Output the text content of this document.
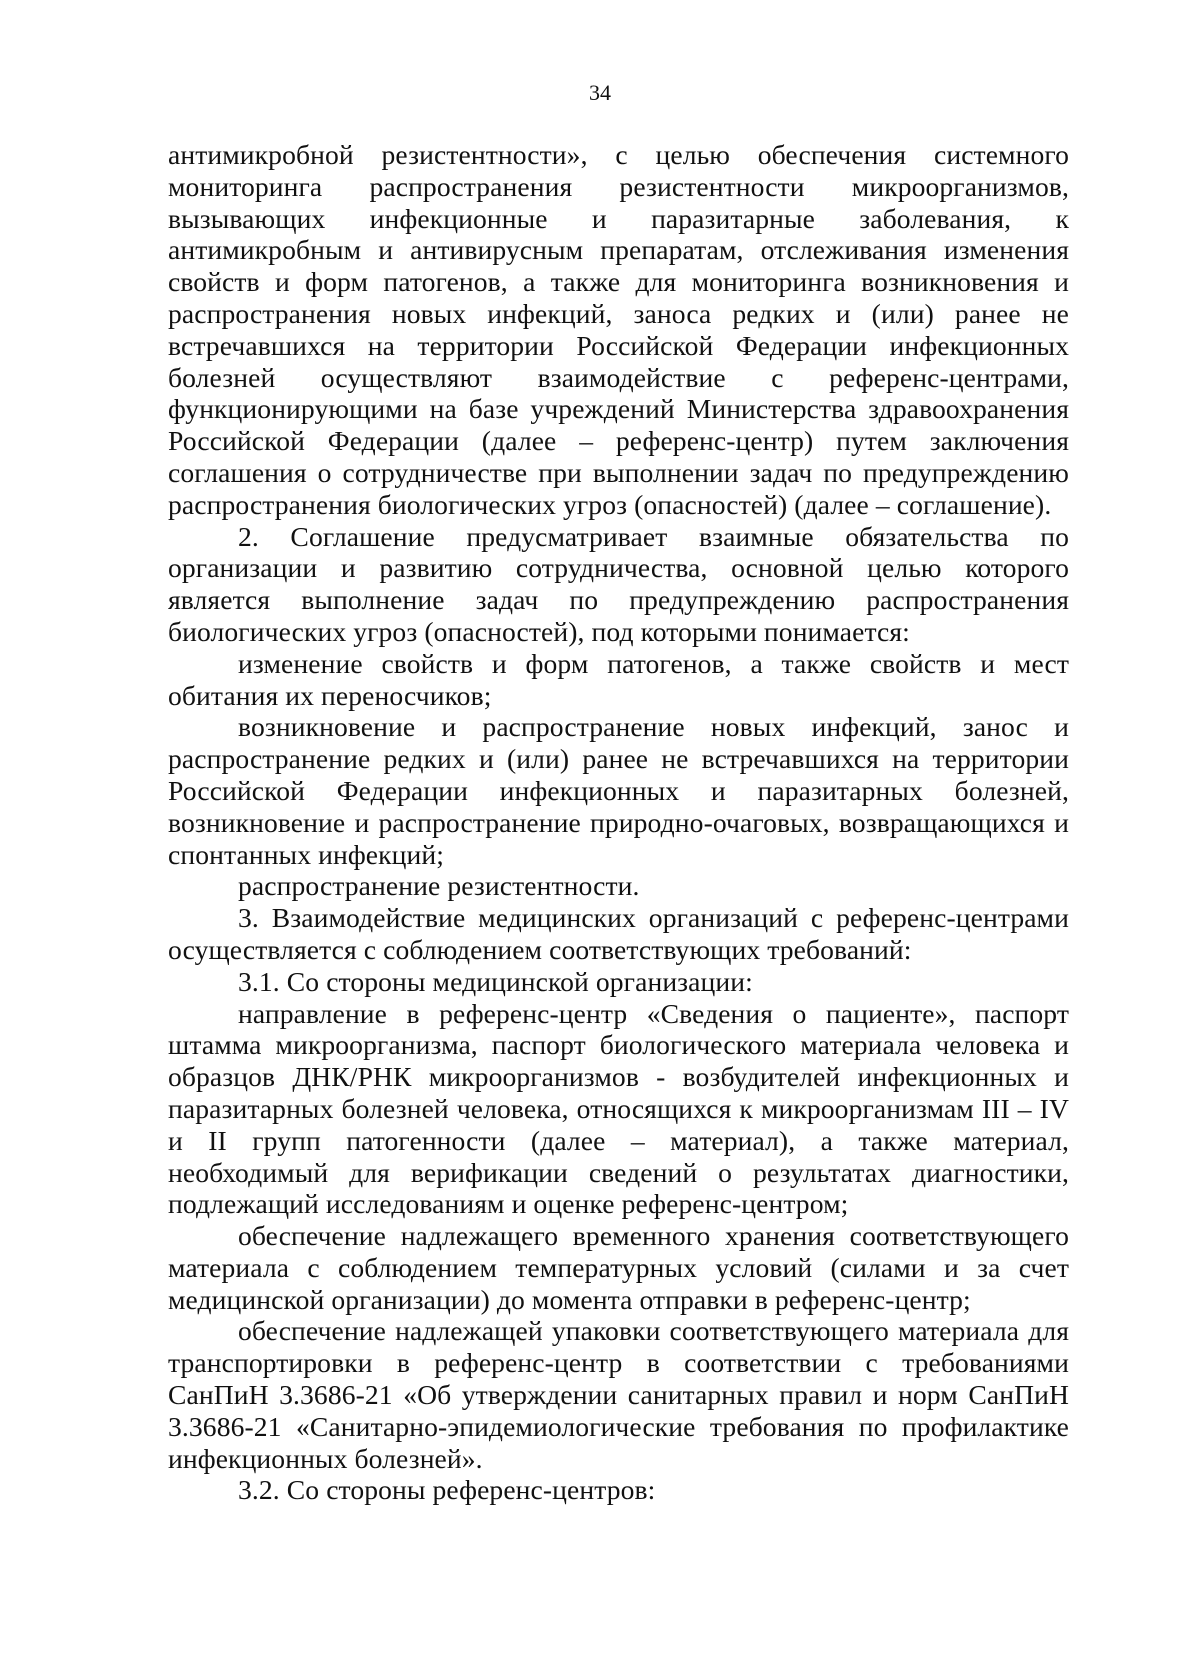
34

антимикробной резистентности», с целью обеспечения системного мониторинга распространения резистентности микроорганизмов, вызывающих инфекционные и паразитарные заболевания, к антимикробным и антивирусным препаратам, отслеживания изменения свойств и форм патогенов, а также для мониторинга возникновения и распространения новых инфекций, заноса редких и (или) ранее не встречавшихся на территории Российской Федерации инфекционных болезней осуществляют взаимодействие с референс-центрами, функционирующими на базе учреждений Министерства здравоохранения Российской Федерации (далее – референс-центр) путем заключения соглашения о сотрудничестве при выполнении задач по предупреждению распространения биологических угроз (опасностей) (далее – соглашение).

2. Соглашение предусматривает взаимные обязательства по организации и развитию сотрудничества, основной целью которого является выполнение задач по предупреждению распространения биологических угроз (опасностей), под которыми понимается:

изменение свойств и форм патогенов, а также свойств и мест обитания их переносчиков;

возникновение и распространение новых инфекций, занос и распространение редких и (или) ранее не встречавшихся на территории Российской Федерации инфекционных и паразитарных болезней, возникновение и распространение природно-очаговых, возвращающихся и спонтанных инфекций;

распространение резистентности.

3. Взаимодействие медицинских организаций с референс-центрами осуществляется с соблюдением соответствующих требований:

3.1. Со стороны медицинской организации:

направление в референс-центр «Сведения о пациенте», паспорт штамма микроорганизма, паспорт биологического материала человека и образцов ДНК/РНК микроорганизмов - возбудителей инфекционных и паразитарных болезней человека, относящихся к микроорганизмам III – IV и II групп патогенности (далее – материал), а также материал, необходимый для верификации сведений о результатах диагностики, подлежащий исследованиям и оценке референс-центром;

обеспечение надлежащего временного хранения соответствующего материала с соблюдением температурных условий (силами и за счет медицинской организации) до момента отправки в референс-центр;

обеспечение надлежащей упаковки соответствующего материала для транспортировки в референс-центр в соответствии с требованиями СанПиН 3.3686-21 «Об утверждении санитарных правил и норм СанПиН 3.3686-21 «Санитарно-эпидемиологические требования по профилактике инфекционных болезней».

3.2. Со стороны референс-центров:
